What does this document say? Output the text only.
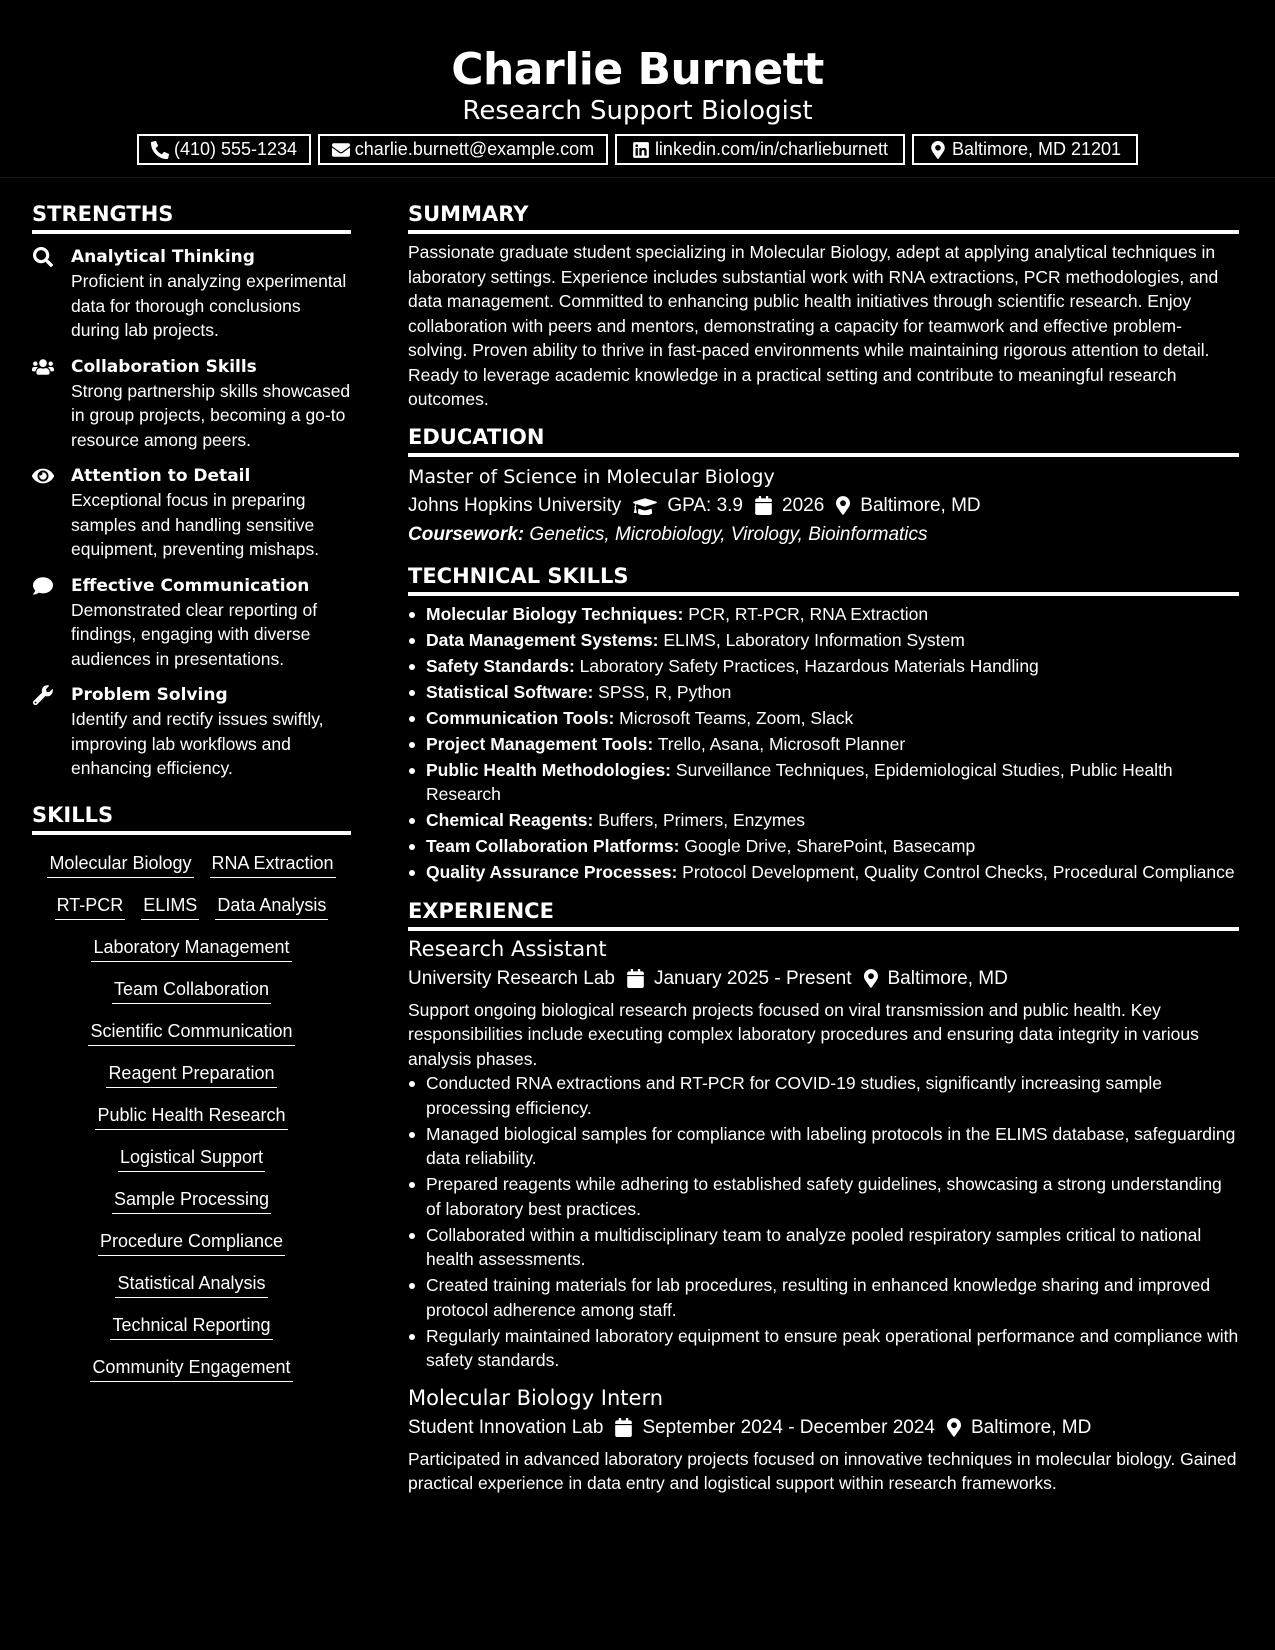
Charlie Burnett
Research Support Biologist
(410) 555-1234	charlie.burnett@example.com	linkedin.com/in/charlieburnett	Baltimore, MD 21201
STRENGTHS
Analytical Thinking

Proficient in analyzing experimental data for thorough conclusions during lab projects.

Collaboration Skills

Strong partnership skills showcased in group projects, becoming a go-to resource among peers.

Attention to Detail

Exceptional focus in preparing samples and handling sensitive equipment, preventing mishaps.

Effective Communication

Demonstrated clear reporting of findings, engaging with diverse audiences in presentations.

Problem Solving

Identify and rectify issues swiftly, improving lab workflows and enhancing efficiency.

SKILLS
Molecular Biology RNA Extraction
RT-PCR ELIMS Data Analysis
Laboratory Management
Team Collaboration
Scientific Communication
Reagent Preparation
Public Health Research
Logistical Support
Sample Processing
Procedure Compliance
Statistical Analysis
Technical Reporting
Community Engagement
SUMMARY

Passionate graduate student specializing in Molecular Biology, adept at applying analytical techniques in laboratory settings. Experience includes substantial work with RNA extractions, PCR methodologies, and data management. Committed to enhancing public health initiatives through scientific research. Enjoy collaboration with peers and mentors, demonstrating a capacity for teamwork and effective problem-solving. Proven ability to thrive in fast-paced environments while maintaining rigorous attention to detail. Ready to leverage academic knowledge in a practical setting and contribute to meaningful research outcomes.

EDUCATION
Master of Science in Molecular Biology
Johns Hopkins University GPA: 3.9 2026 Baltimore, MD
Coursework: Genetics, Microbiology, Virology, Bioinformatics
TECHNICAL SKILLS
Molecular Biology Techniques: PCR, RT-PCR, RNA Extraction
Data Management Systems: ELIMS, Laboratory Information System
Safety Standards: Laboratory Safety Practices, Hazardous Materials Handling
Statistical Software: SPSS, R, Python
Communication Tools: Microsoft Teams, Zoom, Slack
Project Management Tools: Trello, Asana, Microsoft Planner
Public Health Methodologies: Surveillance Techniques, Epidemiological Studies, Public Health Research
Chemical Reagents: Buffers, Primers, Enzymes
Team Collaboration Platforms: Google Drive, SharePoint, Basecamp
Quality Assurance Processes: Protocol Development, Quality Control Checks, Procedural Compliance
EXPERIENCE
Research Assistant
University Research Lab January 2025 - Present Baltimore, MD

Support ongoing biological research projects focused on viral transmission and public health. Key responsibilities include executing complex laboratory procedures and ensuring data integrity in various analysis phases.

Conducted RNA extractions and RT-PCR for COVID-19 studies, significantly increasing sample processing efficiency.
Managed biological samples for compliance with labeling protocols in the ELIMS database, safeguarding data reliability.
Prepared reagents while adhering to established safety guidelines, showcasing a strong understanding of laboratory best practices.
Collaborated within a multidisciplinary team to analyze pooled respiratory samples critical to national health assessments.
Created training materials for lab procedures, resulting in enhanced knowledge sharing and improved protocol adherence among staff.
Regularly maintained laboratory equipment to ensure peak operational performance and compliance with safety standards.
Molecular Biology Intern
Student Innovation Lab September 2024 - December 2024 Baltimore, MD

Participated in advanced laboratory projects focused on innovative techniques in molecular biology. Gained practical experience in data entry and logistical support within research frameworks.
